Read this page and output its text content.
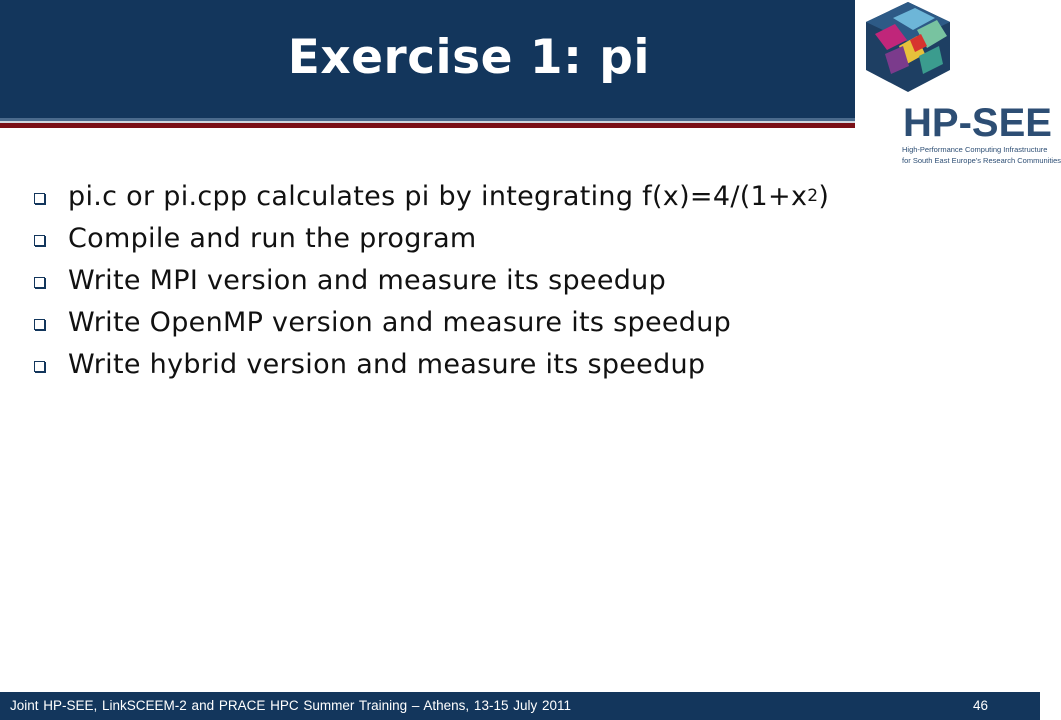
Exercise 1: pi
HP-SEE
High-Performance Computing Infrastructure
for South East Europe's Research Communities
pi.c or pi.cpp calculates pi by integrating f(x)=4/(1+x 2 )
Compile and run the program
Write MPI version and measure its speedup
Write OpenMP version and measure its speedup
Write hybrid version and measure its speedup
Joint HP-SEE, LinkSCEEM-2 and PRACE HPC Summer Training – Athens, 13-15 July 2011	46
